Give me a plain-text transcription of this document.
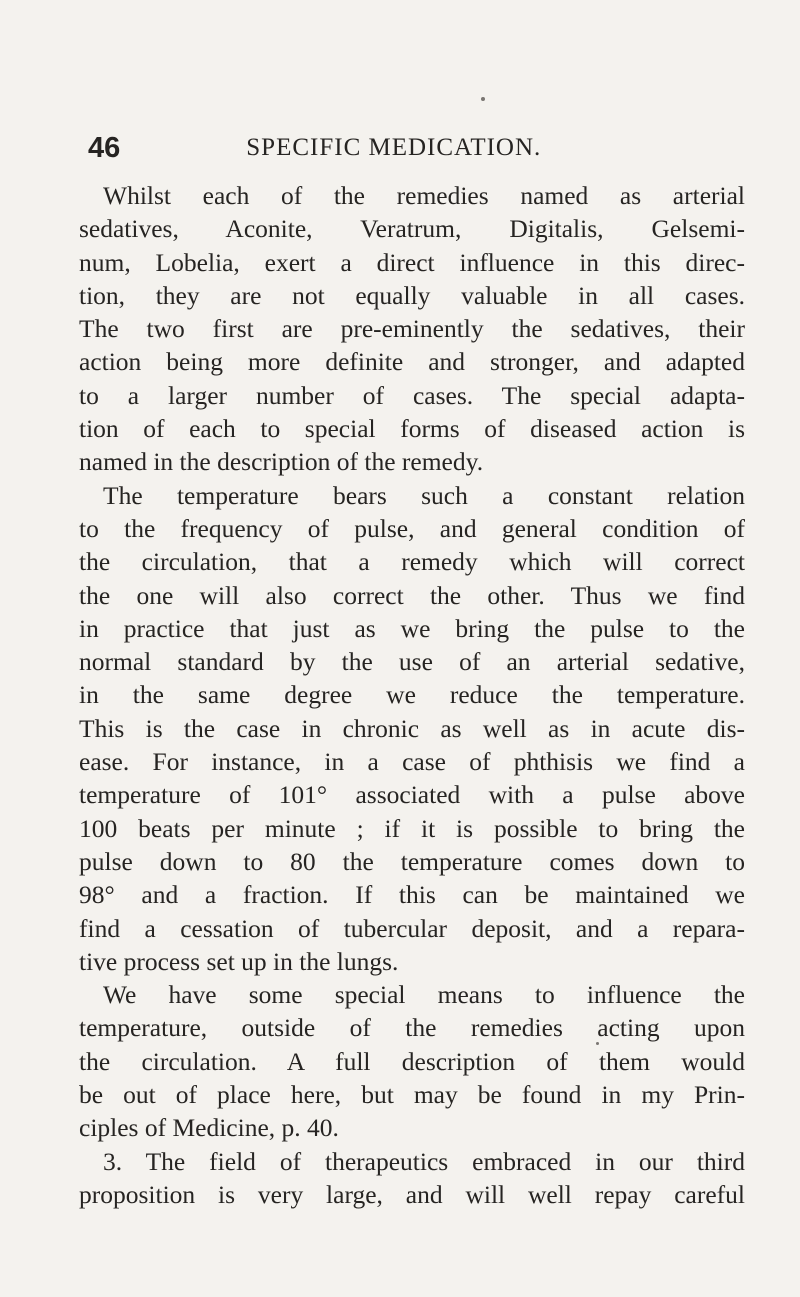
46	SPECIFIC MEDICATION.
Whilst each of the remedies named as arterial
sedatives, Aconite, Veratrum, Digitalis, Gelsemi-
num, Lobelia, exert a direct influence in this direc-
tion, they are not equally valuable in all cases.
The two first are pre-eminently the sedatives, their
action being more definite and stronger, and adapted
to a larger number of cases. The special adapta-
tion of each to special forms of diseased action is
named in the description of the remedy.
The temperature bears such a constant relation
to the frequency of pulse, and general condition of
the circulation, that a remedy which will correct
the one will also correct the other. Thus we find
in practice that just as we bring the pulse to the
normal standard by the use of an arterial sedative,
in the same degree we reduce the temperature.
This is the case in chronic as well as in acute dis-
ease. For instance, in a case of phthisis we find a
temperature of 101° associated with a pulse above
100 beats per minute ; if it is possible to bring the
pulse down to 80 the temperature comes down to
98° and a fraction. If this can be maintained we
find a cessation of tubercular deposit, and a repara-
tive process set up in the lungs.
We have some special means to influence the
temperature, outside of the remedies acting upon
the circulation. A full description of them would
be out of place here, but may be found in my Prin-
ciples of Medicine, p. 40.
3. The field of therapeutics embraced in our third
proposition is very large, and will well repay careful
